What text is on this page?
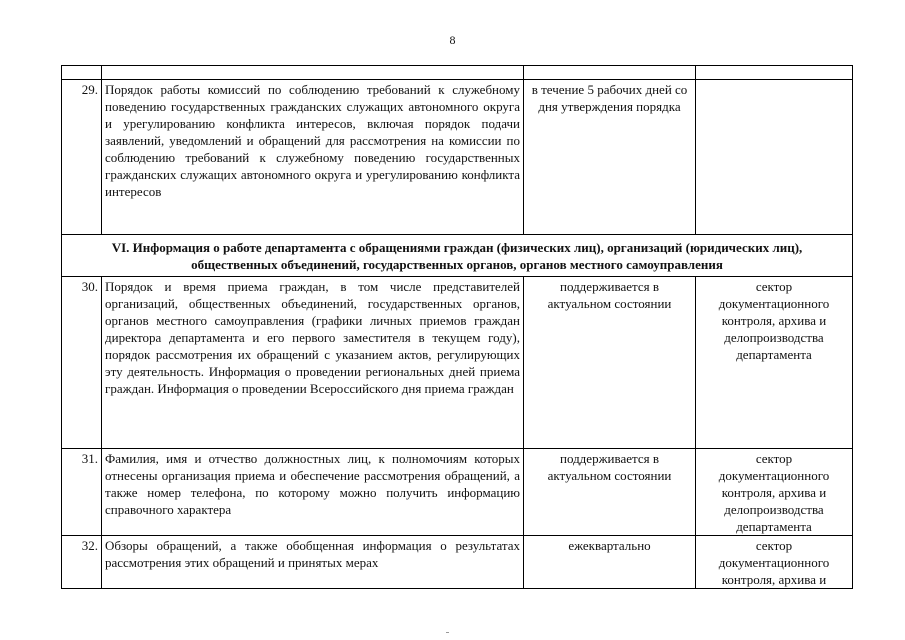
8

29.	Порядок работы комиссий по соблюдению требований к служебному поведению государственных гражданских служащих автономного округа и урегулированию конфликта интересов, включая порядок подачи заявлений, уведомлений и обращений для рассмотрения на комиссии по соблюдению требований к служебному поведению государственных гражданских служащих автономного округа и урегулированию конфликта интересов	в течение 5 рабочих дней со дня утверждения порядка	
VI. Информация о работе департамента с обращениями граждан (физических лиц), организаций (юридических лиц), общественных объединений, государственных органов, органов местного самоуправления			
30.	Порядок и время приема граждан, в том числе представителей организаций, общественных объединений, государственных органов, органов местного самоуправления (графики личных приемов граждан директора департамента и его первого заместителя в текущем году), порядок рассмотрения их обращений с указанием актов, регулирующих эту деятельность. Информация о проведении региональных дней приема граждан. Информация о проведении Всероссийского дня приема граждан	поддерживается в актуальном состоянии	сектор документационного контроля, архива и делопроизводства департамента
31.	Фамилия, имя и отчество должностных лиц, к полномочиям которых отнесены организация приема и обеспечение рассмотрения обращений, а также номер телефона, по которому можно получить информацию справочного характера	поддерживается в актуальном состоянии	сектор документационного контроля, архива и делопроизводства департамента
32.	Обзоры обращений, а также обобщенная информация о результатах рассмотрения этих обращений и принятых мерах	ежеквартально	сектор документационного контроля, архива и
